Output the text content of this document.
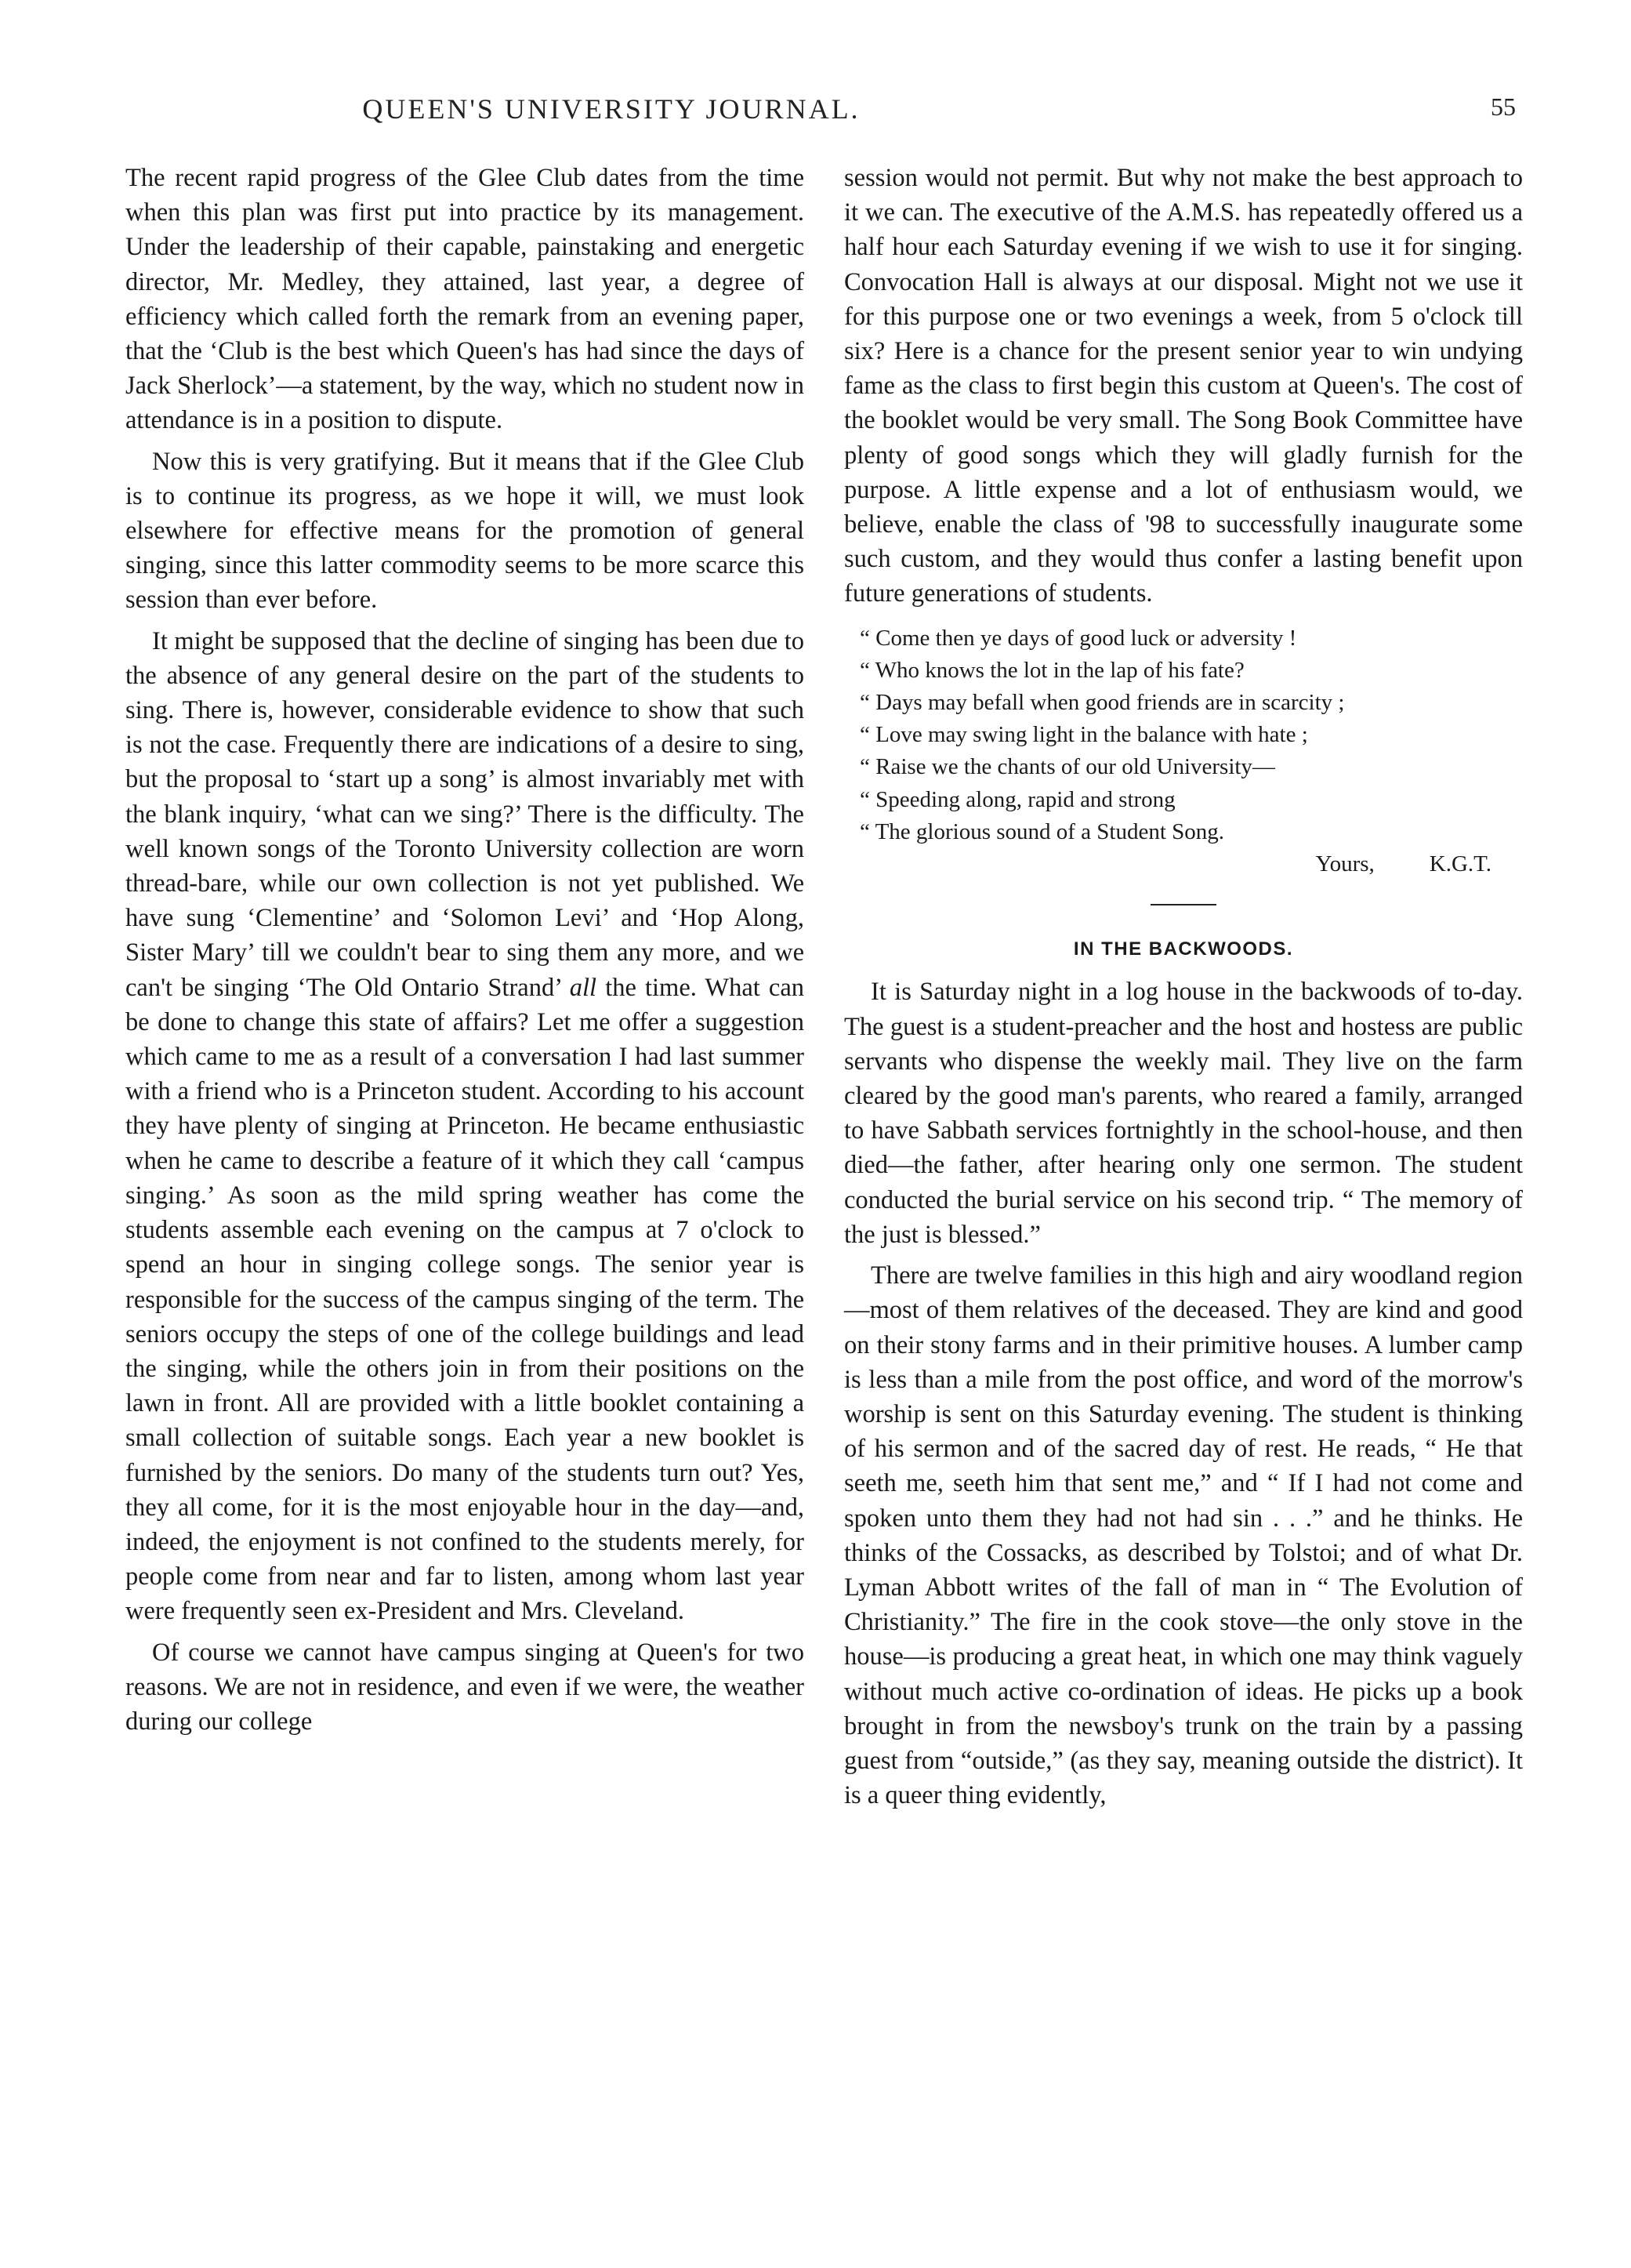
QUEEN'S UNIVERSITY JOURNAL.	55

The recent rapid progress of the Glee Club dates from the time when this plan was first put into practice by its management. Under the leadership of their capable, painstaking and energetic director, Mr. Medley, they attained, last year, a degree of efficiency which called forth the remark from an evening paper, that the ‘Club is the best which Queen's has had since the days of Jack Sherlock’—a statement, by the way, which no student now in attendance is in a position to dispute.

Now this is very gratifying. But it means that if the Glee Club is to continue its progress, as we hope it will, we must look elsewhere for effective means for the promotion of general singing, since this latter commodity seems to be more scarce this session than ever before.

It might be supposed that the decline of singing has been due to the absence of any general desire on the part of the students to sing. There is, however, considerable evidence to show that such is not the case. Frequently there are indications of a desire to sing, but the proposal to ‘start up a song’ is almost invariably met with the blank inquiry, ‘what can we sing?’ There is the difficulty. The well known songs of the Toronto University collection are worn thread-bare, while our own collection is not yet published. We have sung ‘Clementine’ and ‘Solomon Levi’ and ‘Hop Along, Sister Mary’ till we couldn't bear to sing them any more, and we can't be singing ‘The Old Ontario Strand’ all the time. What can be done to change this state of affairs? Let me offer a suggestion which came to me as a result of a conversation I had last summer with a friend who is a Princeton student. According to his account they have plenty of singing at Princeton. He became enthusiastic when he came to describe a feature of it which they call ‘campus singing.’ As soon as the mild spring weather has come the students assemble each evening on the campus at 7 o'clock to spend an hour in singing college songs. The senior year is responsible for the success of the campus singing of the term. The seniors occupy the steps of one of the college buildings and lead the singing, while the others join in from their positions on the lawn in front. All are provided with a little booklet containing a small collection of suitable songs. Each year a new booklet is furnished by the seniors. Do many of the students turn out? Yes, they all come, for it is the most enjoyable hour in the day—and, indeed, the enjoyment is not confined to the students merely, for people come from near and far to listen, among whom last year were frequently seen ex-President and Mrs. Cleveland.

Of course we cannot have campus singing at Queen's for two reasons. We are not in residence, and even if we were, the weather during our college

session would not permit. But why not make the best approach to it we can. The executive of the A.M.S. has repeatedly offered us a half hour each Saturday evening if we wish to use it for singing. Convocation Hall is always at our disposal. Might not we use it for this purpose one or two evenings a week, from 5 o'clock till six? Here is a chance for the present senior year to win undying fame as the class to first begin this custom at Queen's. The cost of the booklet would be very small. The Song Book Committee have plenty of good songs which they will gladly furnish for the purpose. A little expense and a lot of enthusiasm would, we believe, enable the class of '98 to successfully inaugurate some such custom, and they would thus confer a lasting benefit upon future generations of students.

“ Come then ye days of good luck or adversity !
“ Who knows the lot in the lap of his fate?
“ Days may befall when good friends are in scarcity ;
“ Love may swing light in the balance with hate ;
“ Raise we the chants of our old University—
“ Speeding along, rapid and strong
“ The glorious sound of a Student Song.
Yours, K.G.T.
IN THE BACKWOODS.

It is Saturday night in a log house in the backwoods of to-day. The guest is a student-preacher and the host and hostess are public servants who dispense the weekly mail. They live on the farm cleared by the good man's parents, who reared a family, arranged to have Sabbath services fortnightly in the school-house, and then died—the father, after hearing only one sermon. The student conducted the burial service on his second trip. “ The memory of the just is blessed.”

There are twelve families in this high and airy woodland region—most of them relatives of the deceased. They are kind and good on their stony farms and in their primitive houses. A lumber camp is less than a mile from the post office, and word of the morrow's worship is sent on this Saturday evening. The student is thinking of his sermon and of the sacred day of rest. He reads, “ He that seeth me, seeth him that sent me,” and “ If I had not come and spoken unto them they had not had sin . . .” and he thinks. He thinks of the Cossacks, as described by Tolstoi; and of what Dr. Lyman Abbott writes of the fall of man in “ The Evolution of Christianity.” The fire in the cook stove—the only stove in the house—is producing a great heat, in which one may think vaguely without much active co-ordination of ideas. He picks up a book brought in from the newsboy's trunk on the train by a passing guest from “outside,” (as they say, meaning outside the district). It is a queer thing evidently,
